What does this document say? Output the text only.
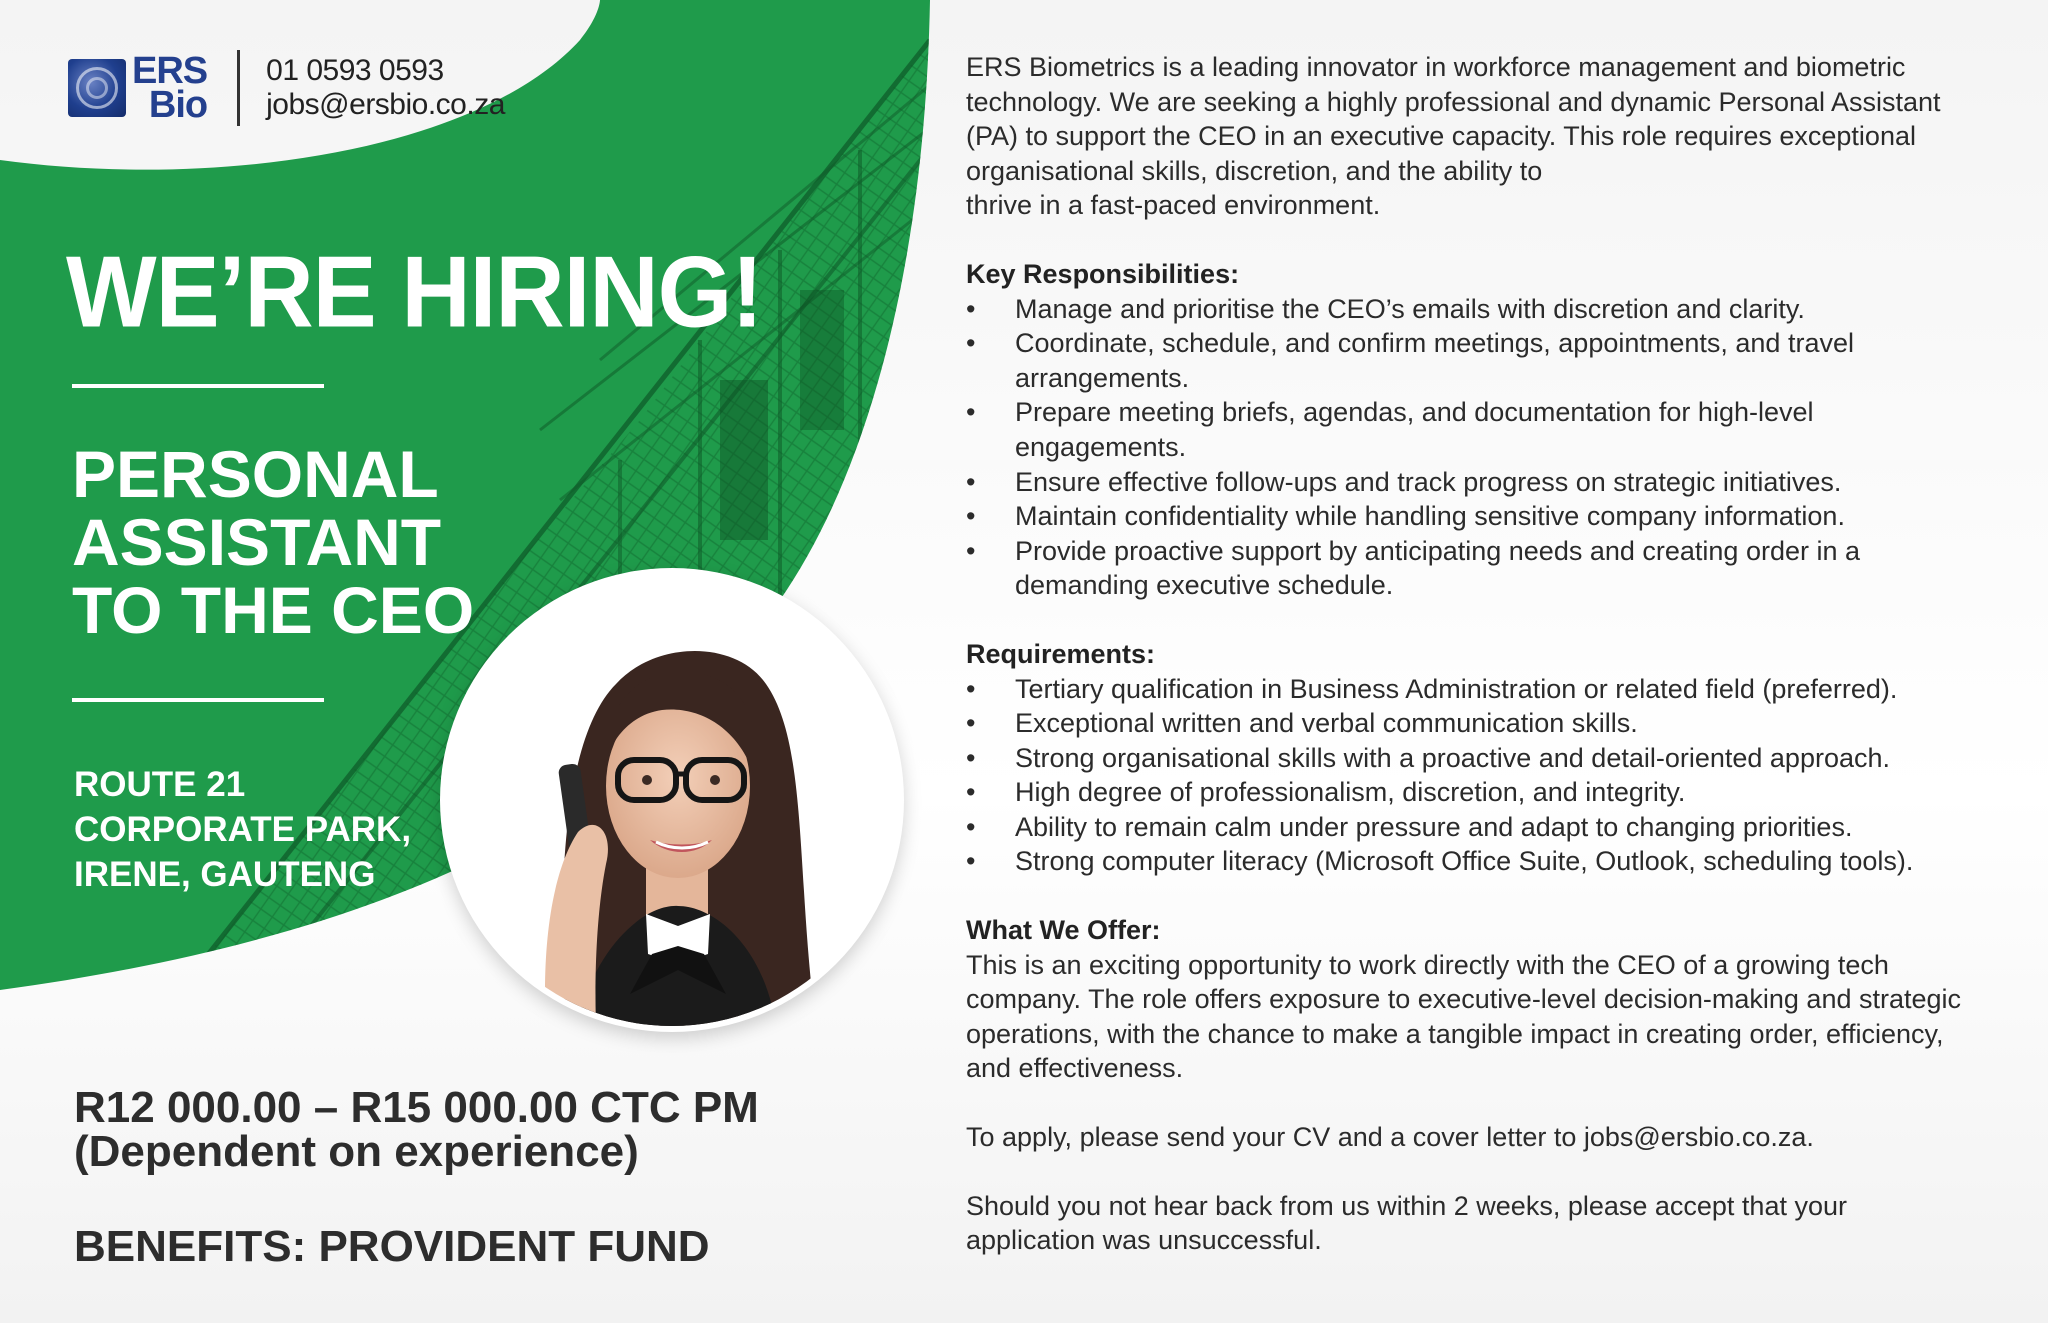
ERS
Bio
01 0593 0593
jobs@ersbio.co.za
WE’RE HIRING!
PERSONAL
ASSISTANT
TO THE CEO
ROUTE 21
CORPORATE PARK,
IRENE, GAUTENG
R12 000.00 – R15 000.00 CTC PM
(Dependent on experience)
BENEFITS: PROVIDENT FUND

ERS Biometrics is a leading innovator in workforce management and biometric
technology. We are seeking a highly professional and dynamic Personal Assistant
(PA) to support the CEO in an executive capacity. This role requires exceptional
organisational skills, discretion, and the ability to
thrive in a fast-paced environment.

Key Responsibilities:
• Manage and prioritise the CEO’s emails with discretion and clarity.
• Coordinate, schedule, and confirm meetings, appointments, and travel
arrangements.
• Prepare meeting briefs, agendas, and documentation for high-level
engagements.
• Ensure effective follow-ups and track progress on strategic initiatives.
• Maintain confidentiality while handling sensitive company information.
• Provide proactive support by anticipating needs and creating order in a
demanding executive schedule.
Requirements:
• Tertiary qualification in Business Administration or related field (preferred).
• Exceptional written and verbal communication skills.
• Strong organisational skills with a proactive and detail-oriented approach.
• High degree of professionalism, discretion, and integrity.
• Ability to remain calm under pressure and adapt to changing priorities.
• Strong computer literacy (Microsoft Office Suite, Outlook, scheduling tools).
What We Offer:

This is an exciting opportunity to work directly with the CEO of a growing tech
company. The role offers exposure to executive-level decision-making and strategic
operations, with the chance to make a tangible impact in creating order, efficiency,
and effectiveness.

To apply, please send your CV and a cover letter to jobs@ersbio.co.za.

Should you not hear back from us within 2 weeks, please accept that your
application was unsuccessful.
